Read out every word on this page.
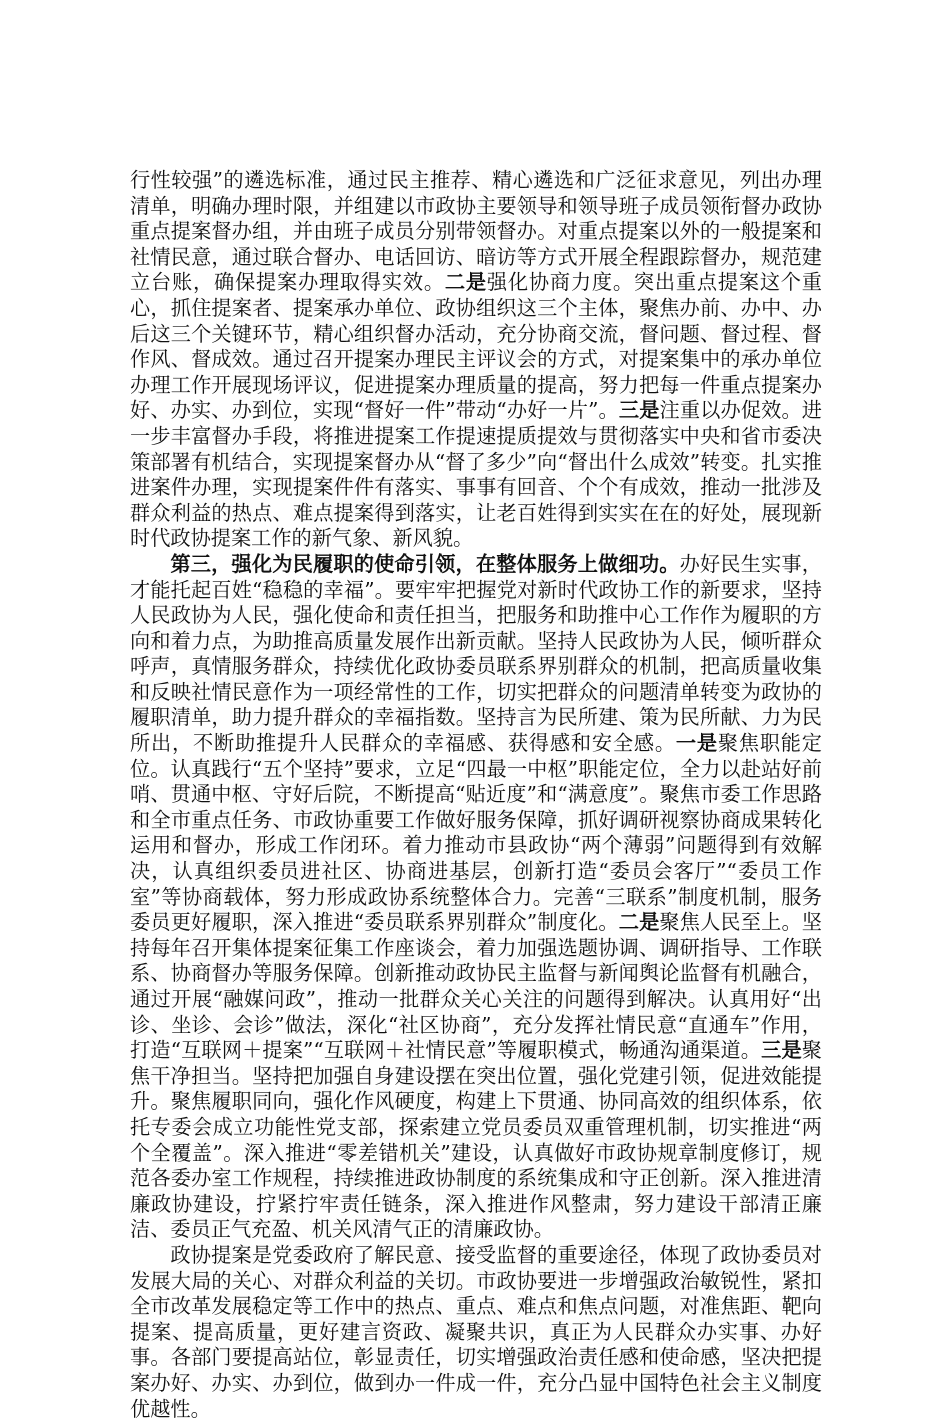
行性较强”的遴选标准，通过民主推荐、精心遴选和广泛征求意见，列出办理清单，明确办理时限，并组建以市政协主要领导和领导班子成员领衔督办政协重点提案督办组，并由班子成员分别带领督办。对重点提案以外的一般提案和社情民意，通过联合督办、电话回访、暗访等方式开展全程跟踪督办，规范建立台账，确保提案办理取得实效。二是强化协商力度。突出重点提案这个重心，抓住提案者、提案承办单位、政协组织这三个主体，聚焦办前、办中、办后这三个关键环节，精心组织督办活动，充分协商交流，督问题、督过程、督作风、督成效。通过召开提案办理民主评议会的方式，对提案集中的承办单位办理工作开展现场评议，促进提案办理质量的提高，努力把每一件重点提案办好、办实、办到位，实现“督好一件”带动“办好一片”。三是注重以办促效。进一步丰富督办手段，将推进提案工作提速提质提效与贯彻落实中央和省市委决策部署有机结合，实现提案督办从“督了多少”向“督出什么成效”转变。扎实推进案件办理，实现提案件件有落实、事事有回音、个个有成效，推动一批涉及群众利益的热点、难点提案得到落实，让老百姓得到实实在在的好处，展现新时代政协提案工作的新气象、新风貌。

第三，强化为民履职的使命引领，在整体服务上做细功。办好民生实事，才能托起百姓“稳稳的幸福”。要牢牢把握党对新时代政协工作的新要求，坚持人民政协为人民，强化使命和责任担当，把服务和助推中心工作作为履职的方向和着力点，为助推高质量发展作出新贡献。坚持人民政协为人民，倾听群众呼声，真情服务群众，持续优化政协委员联系界别群众的机制，把高质量收集和反映社情民意作为一项经常性的工作，切实把群众的问题清单转变为政协的履职清单，助力提升群众的幸福指数。坚持言为民所建、策为民所献、力为民所出，不断助推提升人民群众的幸福感、获得感和安全感。一是聚焦职能定位。认真践行“五个坚持”要求，立足“四最一中枢”职能定位，全力以赴站好前哨、贯通中枢、守好后院，不断提高“贴近度”和“满意度”。聚焦市委工作思路和全市重点任务、市政协重要工作做好服务保障，抓好调研视察协商成果转化运用和督办，形成工作闭环。着力推动市县政协“两个薄弱”问题得到有效解决，认真组织委员进社区、协商进基层，创新打造“委员会客厅”“委员工作室”等协商载体，努力形成政协系统整体合力。完善“三联系”制度机制，服务委员更好履职，深入推进“委员联系界别群众”制度化。二是聚焦人民至上。坚持每年召开集体提案征集工作座谈会，着力加强选题协调、调研指导、工作联系、协商督办等服务保障。创新推动政协民主监督与新闻舆论监督有机融合，通过开展“融媒问政”，推动一批群众关心关注的问题得到解决。认真用好“出诊、坐诊、会诊”做法，深化“社区协商”，充分发挥社情民意“直通车”作用，打造“互联网＋提案”“互联网＋社情民意”等履职模式，畅通沟通渠道。三是聚焦干净担当。坚持把加强自身建设摆在突出位置，强化党建引领，促进效能提升。聚焦履职同向，强化作风硬度，构建上下贯通、协同高效的组织体系，依托专委会成立功能性党支部，探索建立党员委员双重管理机制，切实推进“两个全覆盖”。深入推进“零差错机关”建设，认真做好市政协规章制度修订，规范各委办室工作规程，持续推进政协制度的系统集成和守正创新。深入推进清廉政协建设，拧紧拧牢责任链条，深入推进作风整肃，努力建设干部清正廉洁、委员正气充盈、机关风清气正的清廉政协。

政协提案是党委政府了解民意、接受监督的重要途径，体现了政协委员对发展大局的关心、对群众利益的关切。市政协要进一步增强政治敏锐性，紧扣全市改革发展稳定等工作中的热点、重点、难点和焦点问题，对准焦距、靶向提案、提高质量，更好建言资政、凝聚共识，真正为人民群众办实事、办好事。各部门要提高站位，彰显责任，切实增强政治责任感和使命感，坚决把提案办好、办实、办到位，做到办一件成一件，充分凸显中国特色社会主义制度优越性。
